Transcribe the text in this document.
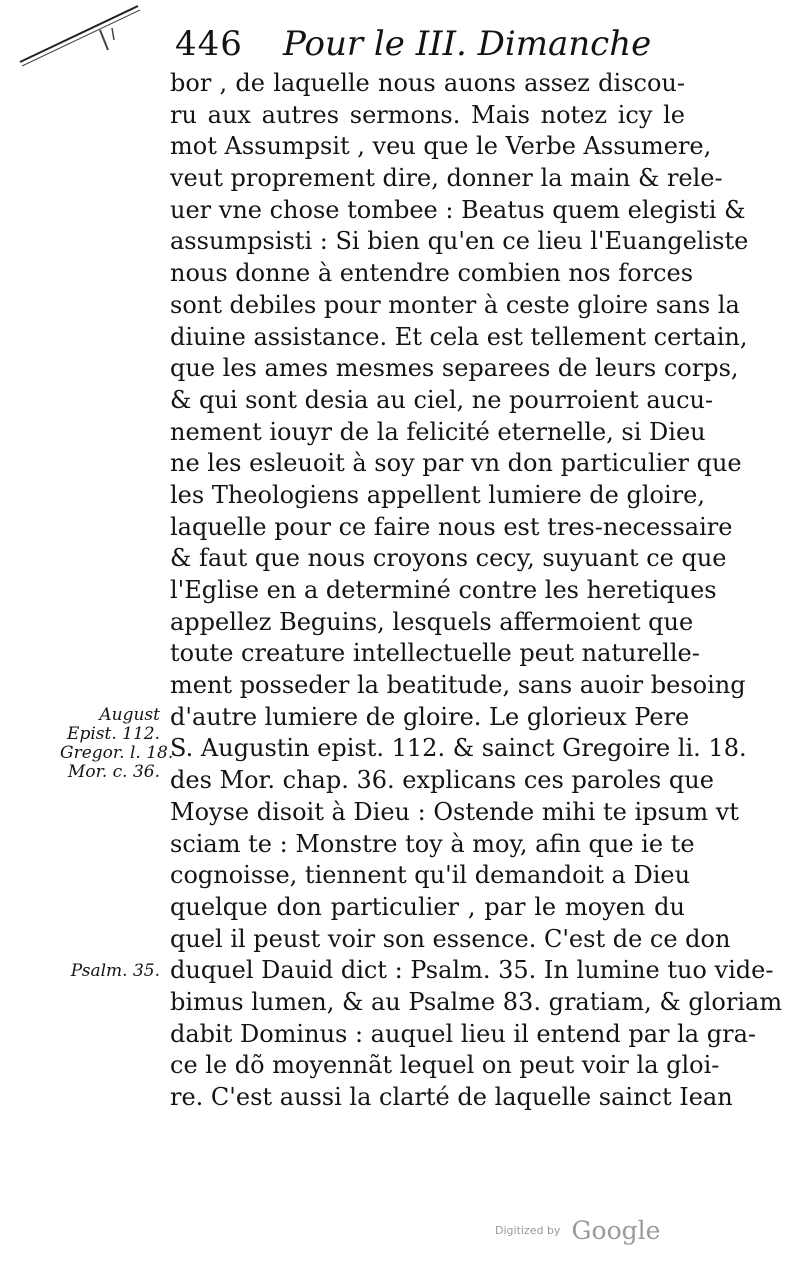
446 Pour le III. Dimanche
bor , de laquelle nous auons assez discou-
ru aux autres sermons. Mais notez icy le
mot Assumpsit , veu que le Verbe Assumere,
veut proprement dire, donner la main & rele-
uer vne chose tombee : Beatus quem elegisti &
assumpsisti : Si bien qu'en ce lieu l'Euangeliste
nous donne à entendre combien nos forces
sont debiles pour monter à ceste gloire sans la
diuine assistance. Et cela est tellement certain,
que les ames mesmes separees de leurs corps,
& qui sont desia au ciel, ne pourroient aucu-
nement iouyr de la felicité eternelle, si Dieu
ne les esleuoit à soy par vn don particulier que
les Theologiens appellent lumiere de gloire,
laquelle pour ce faire nous est tres-necessaire
& faut que nous croyons cecy, suyuant ce que
l'Eglise en a determiné contre les heretiques
appellez Beguins, lesquels affermoient que
toute creature intellectuelle peut naturelle-
ment posseder la beatitude, sans auoir besoing
d'autre lumiere de gloire. Le glorieux Pere
S. Augustin epist. 112. & sainct Gregoire li. 18.
des Mor. chap. 36. explicans ces paroles que
Moyse disoit à Dieu : Ostende mihi te ipsum vt
sciam te : Monstre toy à moy, afin que ie te
cognoisse, tiennent qu'il demandoit a Dieu
quelque don particulier , par le moyen du
quel il peust voir son essence. C'est de ce don
duquel Dauid dict : Psalm. 35. In lumine tuo vide-
bimus lumen, & au Psalme 83. gratiam, & gloriam
dabit Dominus : auquel lieu il entend par la gra-
ce le dõ moyennãt lequel on peut voir la gloi-
re. C'est aussi la clarté de laquelle sainct Iean
August
Epist. 112.
Gregor. l. 18.
Mor. c. 36.
Psalm. 35.
Digitized by Google
